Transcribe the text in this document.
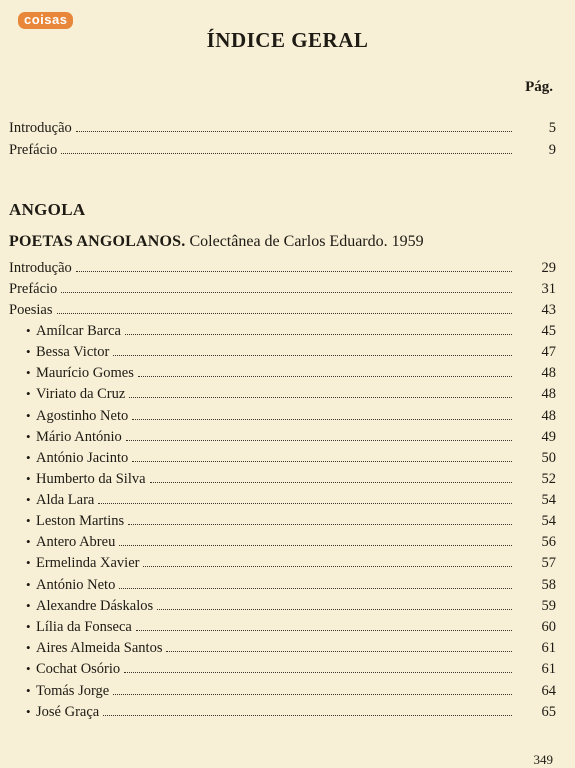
coisas
ÍNDICE GERAL
Pág.
Introdução	5
Prefácio	9
ANGOLA
POETAS ANGOLANOS. Colectânea de Carlos Eduardo. 1959
Introdução	29
Prefácio	31
Poesias	43
• Amílcar Barca	45
• Bessa Victor	47
• Maurício Gomes	48
• Viriato da Cruz	48
• Agostinho Neto	48
• Mário António	49
• António Jacinto	50
• Humberto da Silva	52
• Alda Lara	54
• Leston Martins	54
• Antero Abreu	56
• Ermelinda Xavier	57
• António Neto	58
• Alexandre Dáskalos	59
• Lília da Fonseca	60
• Aires Almeida Santos	61
• Cochat Osório	61
• Tomás Jorge	64
• José Graça	65
349
